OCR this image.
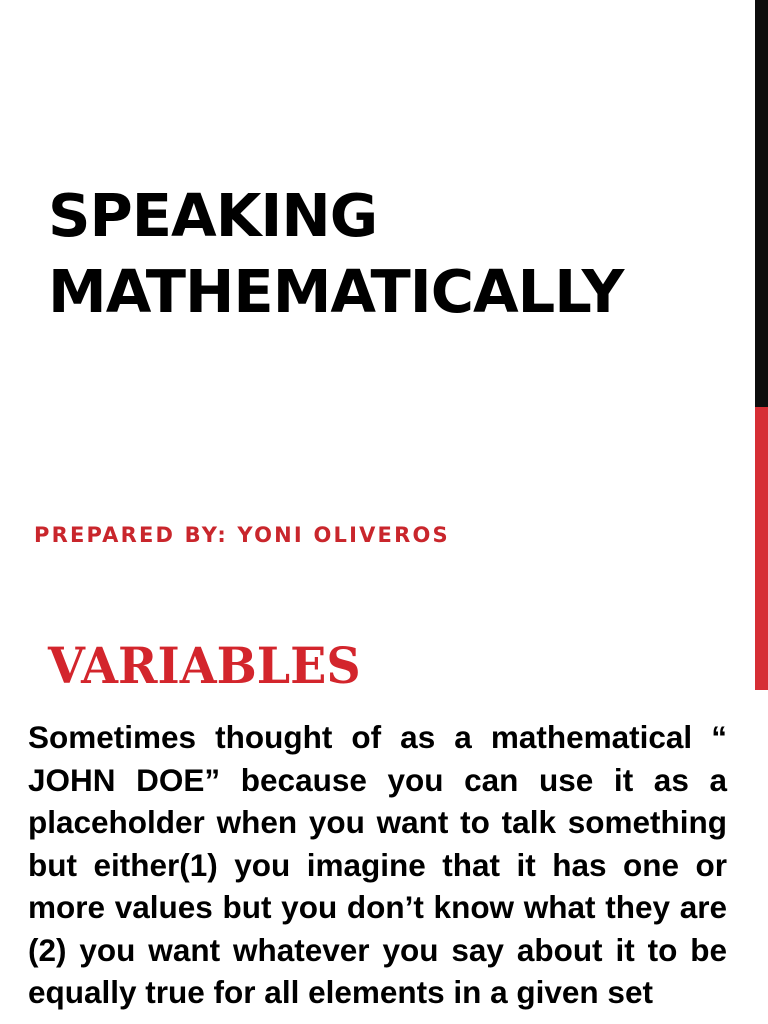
SPEAKING
MATHEMATICALLY
PREPARED BY: YONI OLIVEROS
VARIABLES

Sometimes thought of as a mathematical “ JOHN DOE” because you can use it as a placeholder when you want to talk something but either(1) you imagine that it has one or more values but you don’t know what they are (2) you want whatever you say about it to be equally true for all elements in a given set
